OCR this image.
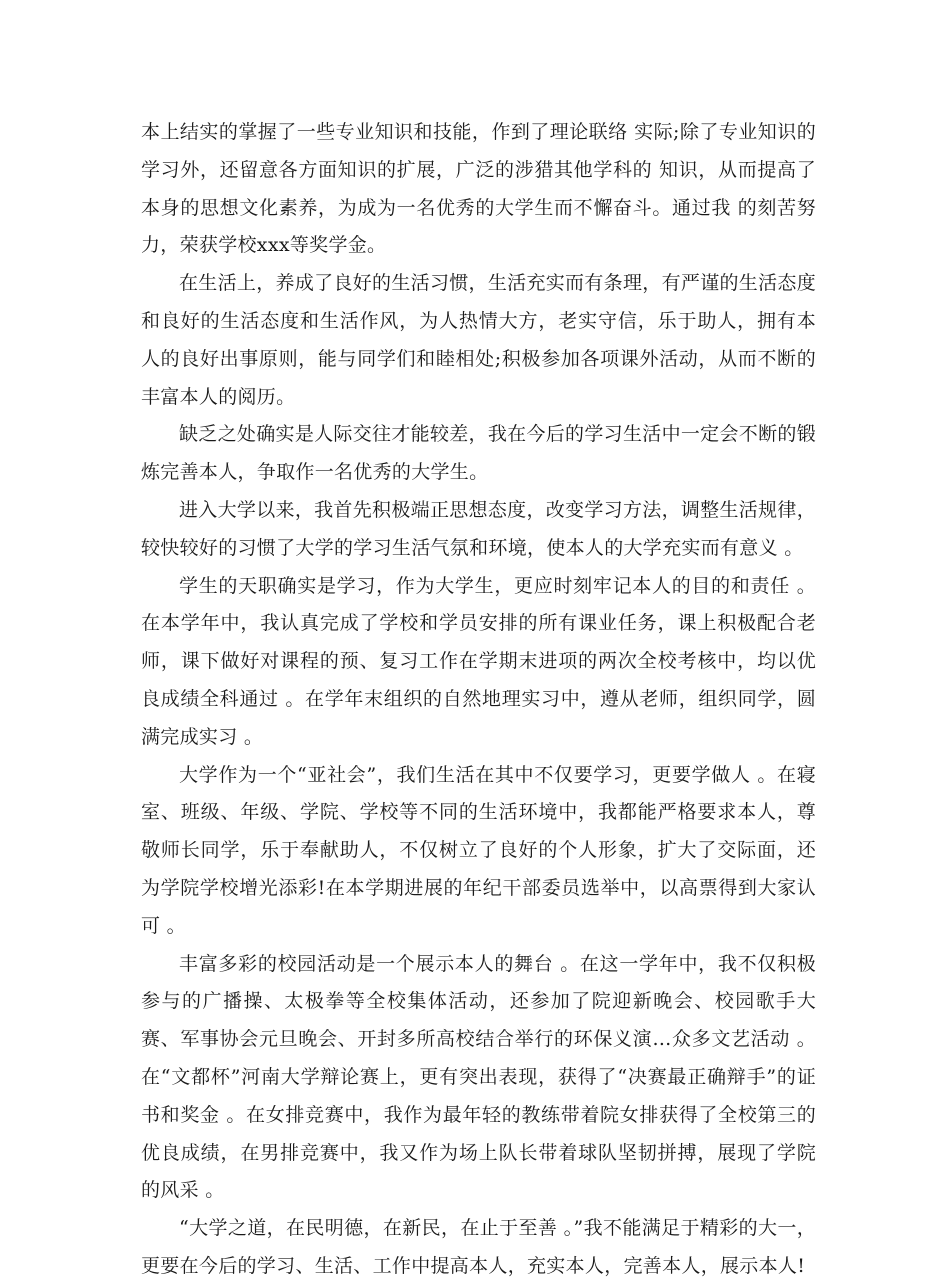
本上结实的掌握了一些专业知识和技能，作到了理论联络 实际;除了专业知识的学习外，还留意各方面知识的扩展，广泛的涉猎其他学科的 知识，从而提高了本身的思想文化素养，为成为一名优秀的大学生而不懈奋斗。通过我 的刻苦努力，荣获学校xxx等奖学金。

在生活上，养成了良好的生活习惯，生活充实而有条理，有严谨的生活态度和良好的生活态度和生活作风，为人热情大方，老实守信，乐于助人，拥有本人的良好出事原则，能与同学们和睦相处;积极参加各项课外活动，从而不断的丰富本人的阅历。

缺乏之处确实是人际交往才能较差，我在今后的学习生活中一定会不断的锻炼完善本人，争取作一名优秀的大学生。

进入大学以来，我首先积极端正思想态度，改变学习方法，调整生活规律，较快较好的习惯了大学的学习生活气氛和环境，使本人的大学充实而有意义 。

学生的天职确实是学习，作为大学生，更应时刻牢记本人的目的和责任 。在本学年中，我认真完成了学校和学员安排的所有课业任务，课上积极配合老师，课下做好对课程的预、复习工作在学期末进项的两次全校考核中，均以优良成绩全科通过 。在学年末组织的自然地理实习中，遵从老师，组织同学，圆满完成实习 。

大学作为一个“亚社会”，我们生活在其中不仅要学习，更要学做人 。在寝室、班级、年级、学院、学校等不同的生活环境中，我都能严格要求本人，尊敬师长同学，乐于奉献助人，不仅树立了良好的个人形象，扩大了交际面，还为学院学校增光添彩!在本学期进展的年纪干部委员选举中，以高票得到大家认可 。

丰富多彩的校园活动是一个展示本人的舞台 。在这一学年中，我不仅积极参与的广播操、太极拳等全校集体活动，还参加了院迎新晚会、校园歌手大赛、军事协会元旦晚会、开封多所高校结合举行的环保义演…众多文艺活动 。在“文都杯”河南大学辩论赛上，更有突出表现，获得了“决赛最正确辩手”的证书和奖金 。在女排竞赛中，我作为最年轻的教练带着院女排获得了全校第三的优良成绩，在男排竞赛中，我又作为场上队长带着球队坚韧拼搏，展现了学院的风采 。

“大学之道，在民明德，在新民，在止于至善 。”我不能满足于精彩的大一，更要在今后的学习、生活、工作中提高本人，充实本人，完善本人，展示本人!
